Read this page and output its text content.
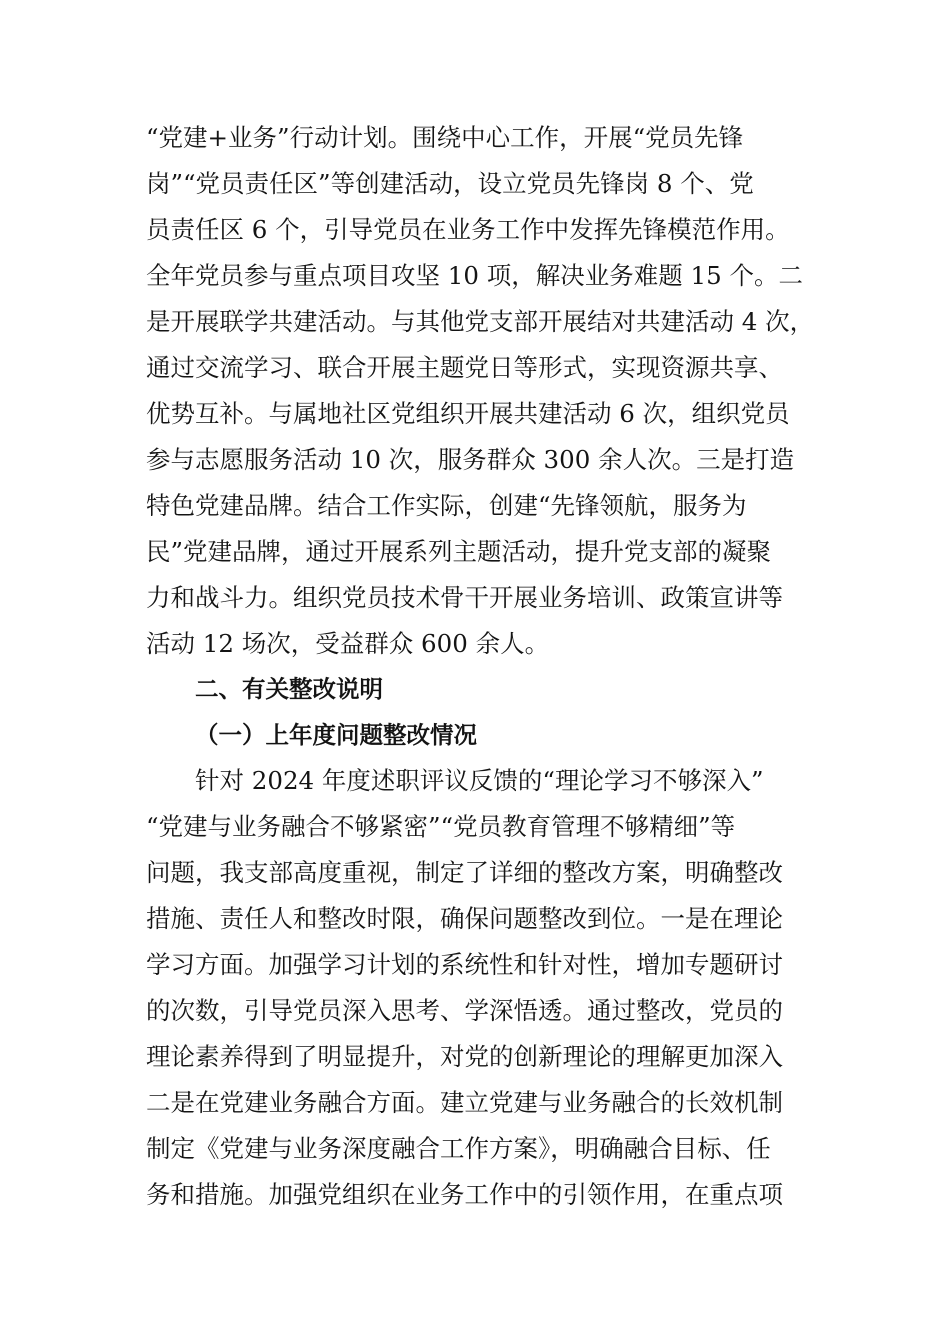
“党建+业务”行动计划。围绕中心工作，开展“党员先锋
岗”“党员责任区”等创建活动，设立党员先锋岗 8 个、党
员责任区 6 个，引导党员在业务工作中发挥先锋模范作用。
全年党员参与重点项目攻坚 10 项，解决业务难题 15 个。二
是开展联学共建活动。与其他党支部开展结对共建活动 4 次，
通过交流学习、联合开展主题党日等形式，实现资源共享、
优势互补。与属地社区党组织开展共建活动 6 次，组织党员
参与志愿服务活动 10 次，服务群众 300 余人次。三是打造
特色党建品牌。结合工作实际，创建“先锋领航，服务为
民”党建品牌，通过开展系列主题活动，提升党支部的凝聚
力和战斗力。组织党员技术骨干开展业务培训、政策宣讲等
活动 12 场次，受益群众 600 余人。
二、有关整改说明
（一）上年度问题整改情况
针对 2024 年度述职评议反馈的“理论学习不够深入”
“党建与业务融合不够紧密”“党员教育管理不够精细”等
问题，我支部高度重视，制定了详细的整改方案，明确整改
措施、责任人和整改时限，确保问题整改到位。一是在理论
学习方面。加强学习计划的系统性和针对性，增加专题研讨
的次数，引导党员深入思考、学深悟透。通过整改，党员的
理论素养得到了明显提升，对党的创新理论的理解更加深入
二是在党建业务融合方面。建立党建与业务融合的长效机制
制定《党建与业务深度融合工作方案》，明确融合目标、任
务和措施。加强党组织在业务工作中的引领作用，在重点项
